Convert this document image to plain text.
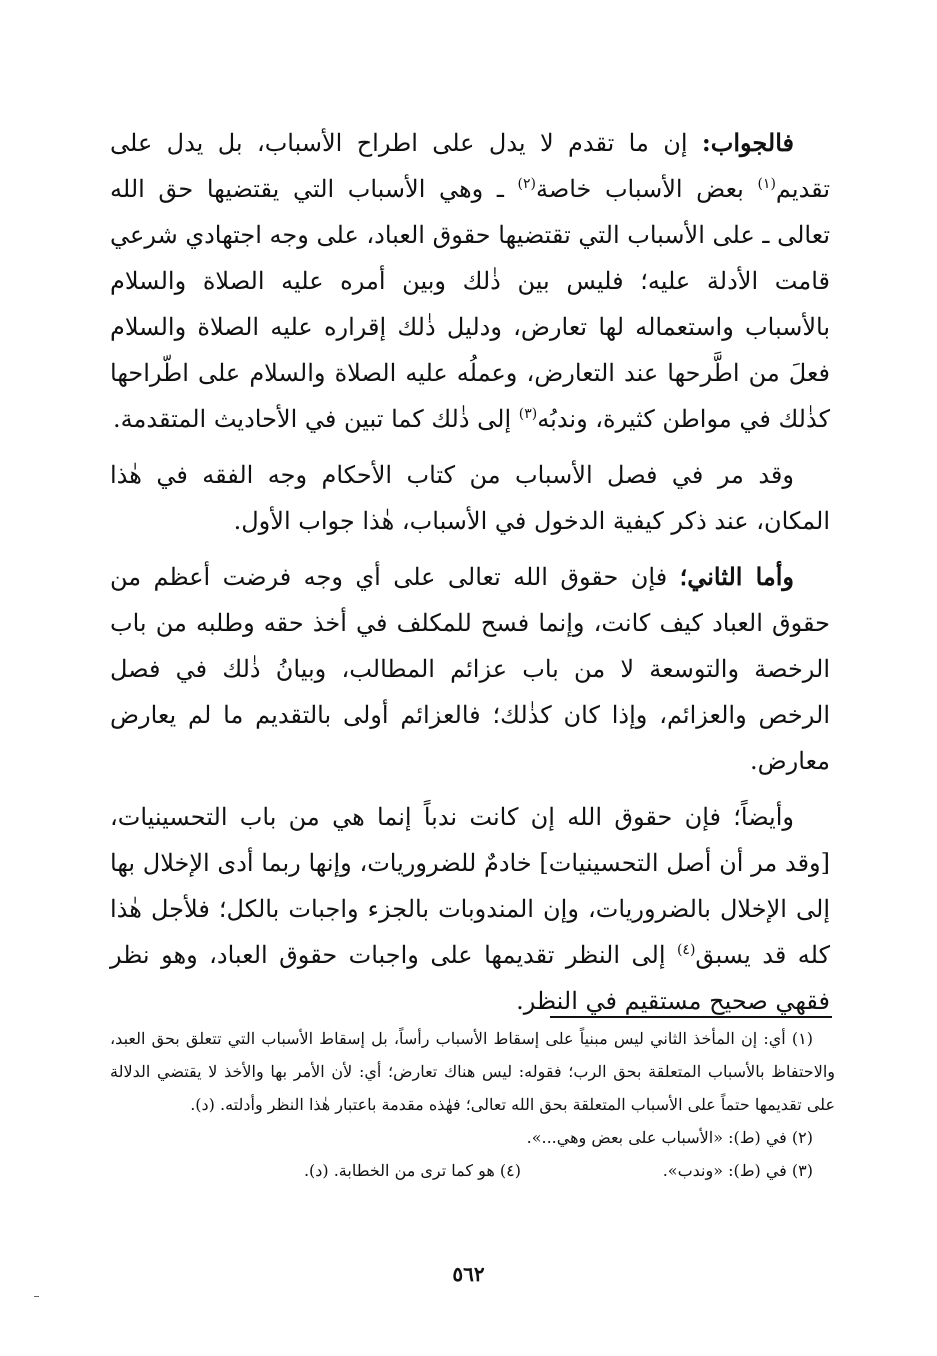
فالجواب: إن ما تقدم لا يدل على اطراح الأسباب، بل يدل على تقديم$^{(١)}$ بعض الأسباب خاصة$^{(٢)}$ ـ وهي الأسباب التي يقتضيها حق الله تعالى ـ على الأسباب التي تقتضيها حقوق العباد، على وجه اجتهادي شرعي قامت الأدلة عليه؛ فليس بين ذٰلك وبين أمره عليه الصلاة والسلام بالأسباب واستعماله لها تعارض، ودليل ذٰلك إقراره عليه الصلاة والسلام فعلَ من اطَّرحها عند التعارض، وعملُه عليه الصلاة والسلام على اطّراحها كذٰلك في مواطن كثيرة، وندبُه$^{(٣)}$ إلى ذٰلك كما تبين في الأحاديث المتقدمة.

وقد مر في فصل الأسباب من كتاب الأحكام وجه الفقه في هٰذا المكان، عند ذكر كيفية الدخول في الأسباب، هٰذا جواب الأول.

وأما الثاني؛ فإن حقوق الله تعالى على أي وجه فرضت أعظم من حقوق العباد كيف كانت، وإنما فسح للمكلف في أخذ حقه وطلبه من باب الرخصة والتوسعة لا من باب عزائم المطالب، وبيانُ ذٰلك في فصل الرخص والعزائم، وإذا كان كذٰلك؛ فالعزائم أولى بالتقديم ما لم يعارض معارض.

وأيضاً؛ فإن حقوق الله إن كانت ندباً إنما هي من باب التحسينيات، [وقد مر أن أصل التحسينيات] خادمٌ للضروريات، وإنها ربما أدى الإخلال بها إلى الإخلال بالضروريات، وإن المندوبات بالجزء واجبات بالكل؛ فلأجل هٰذا كله قد يسبق$^{(٤)}$ إلى النظر تقديمها على واجبات حقوق العباد، وهو نظر فقهي صحيح مستقيم في النظر.

(١) أي: إن المأخذ الثاني ليس مبنياً على إسقاط الأسباب رأساً، بل إسقاط الأسباب التي تتعلق بحق العبد، والاحتفاظ بالأسباب المتعلقة بحق الرب؛ فقوله: ليس هناك تعارض؛ أي: لأن الأمر بها والأخذ لا يقتضي الدلالة على تقديمها حتماً على الأسباب المتعلقة بحق الله تعالى؛ فهٰذه مقدمة باعتبار هٰذا النظر وأدلته. (د).

(٢) في (ط): «الأسباب على بعض وهي...».
(٣) في (ط): «وندب».
(٤) هو كما ترى من الخطابة. (د).
٥٦٢
